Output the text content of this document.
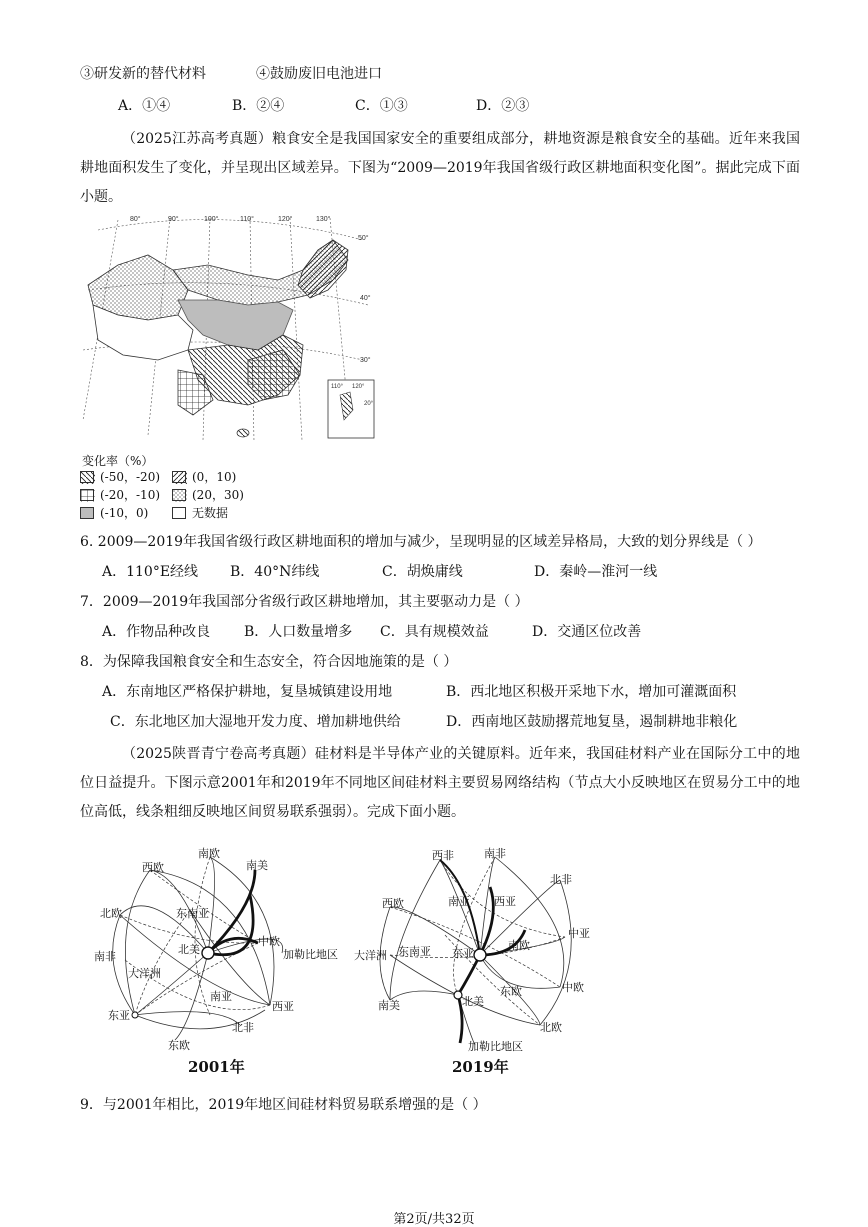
③研发新的替代材料	④鼓励废旧电池进口
A．①④	B．②④	C．①③	D．②③
（2025江苏高考真题）粮食安全是我国国家安全的重要组成部分，耕地资源是粮食安全的基础。近年来我国耕地面积发生了变化，并呈现出区域差异。下图为“2009—2019年我国省级行政区耕地面积变化图”。据此完成下面小题。
80°	90°	100°	110°	120°	130°
50°
40°
30°
110° 120°
20°
变化率（%）
(-50，-20)	(0，10)
(-20，-10)	(20，30)
(-10，0)	无数据
6. 2009—2019年我国省级行政区耕地面积的增加与减少，呈现明显的区域差异格局，大致的划分界线是（ ）
A．110°E经线 B．40°N纬线	C．胡焕庸线	D．秦岭—淮河一线
7．2009—2019年我国部分省级行政区耕地增加，其主要驱动力是（ ）
A．作物品种改良 B．人口数量增多 C．具有规模效益	D．交通区位改善
8．为保障我国粮食安全和生态安全，符合因地施策的是（ ）
A．东南地区严格保护耕地，复垦城镇建设用地	B．西北地区积极开采地下水，增加可灌溉面积
C．东北地区加大湿地开发力度、增加耕地供给	D．西南地区鼓励撂荒地复垦，遏制耕地非粮化
（2025陕晋青宁卷高考真题）硅材料是半导体产业的关键原料。近年来，我国硅材料产业在国际分工中的地位日益提升。下图示意2001年和2019年不同地区间硅材料主要贸易网络结构（节点大小反映地区在贸易分工中的地位高低，线条粗细反映地区间贸易联系强弱）。完成下面小题。
南欧
西欧	南美
北欧	东南亚
中欧
北美	加勒比地区
南非
大洋洲
南亚
东亚
西亚
东欧
北非
2001年
西非	南非
北非
西欧	南亚 西亚
中亚
南欧
大洋洲 东南亚 东亚
东欧	中欧
北美
南美
北欧
加勒比地区
2019年
9．与2001年相比，2019年地区间硅材料贸易联系增强的是（ ）
第2页/共32页
